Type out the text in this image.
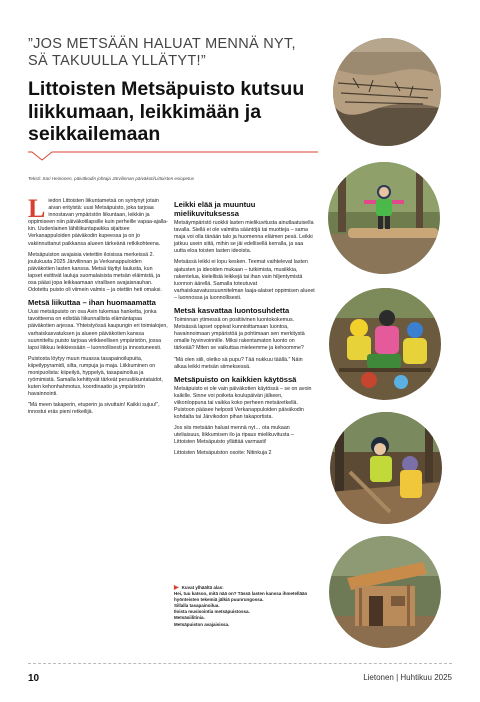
”JOS METSÄÄN HALUAT MENNÄ NYT, SÄ TAKUULLA YLLÄTYT!”
Littoisten Metsäpuisto kutsuu liikkumaan, leikkimään ja seikkailemaan
Teksti: Sari Heinonen, päiväkodin johtaja Järvilinnan päiväkoti/Littoisten esiopetus

Liedon Littoisten liikuntametsä on syntynyt jotain aivan erityistä: uusi Metsäpuisto, joka tarjoaa innostavan ympäristön liikuntaan, leikkiin ja oppimiseen niin päiväkotilapsille kuin perheille vapaa-ajallakin. Uudenlainen lähiliikuntapaikka sijaitsee Verkanappuloiden päiväkodin kupeessa ja on jo vakiinnuttanut paikkansa alueen tärkeänä retkikohteena.

Metsäpuiston avajaisia vietettiin iloisissa merkeissä 2. joulukuuta 2025 Järvilinnan ja Verkanappuloiden päiväkotien lasten kanssa. Metsä täyttyi laulusta, kun lapset esittivät lauluja suomalaisista metsän eläimistä, ja osa pääsi jopa leikkaamaan virallisen avajaisnauhan. Odotettu puisto oli viimein valmis – ja otettiin heti omaksi.

Metsä liikuttaa – ihan huomaamatta

Uusi metsäpuisto on osa Avin tukemaa hanketta, jonka tavoitteena on edistää liikunnallista elämäntapaa päiväkotien arjessa. Yhteistyössä kaupungin eri toimialojen, varhaiskasvatuksen ja alueen päiväkotien kanssa suunniteltu puisto tarjoaa virikkeellisen ympäristön, jossa lapsi liikkuu leikkiessään – luonnollisesti ja innostuneesti.

Puistosta löytyy muun muassa tasapainoilupuita, kiipeilypyramidi, silta, rumpuja ja maja. Liikkuminen on monipuolista: kiipeilyä, hyppelyä, tasapainoilua ja ryömimistä. Samalla kehittyvät tärkeät perusliikuntataidot, kuten kehonhahmotus, koordinaatio ja ympäristön havainnointi.

”Mä meen takaperin, etuperin ja sivuttain! Kaikki sujuu!”, innostui eräs pieni retkeilijä.

Leikki elää ja muuntuu mielikuvituksessa

Metsäympäristö ruokkii lasten mielikuvitusta ainutlaatuisella tavalla. Siellä ei ole valmiita sääntöjä tai muotteja – sama maja voi olla tänään talo ja huomenna eläimen pesä. Leikki jatkuu usein siitä, mihin se jäi edellisellä kerralla, ja saa uutta eloa toisten lasten ideoista.

Metsässä leikki ei lopu kesken. Teemat vaihtelevat lasten ajatusten ja ideoiden mukaan – tutkimista, musiikkia, rakentelua, kielellisiä leikkejä tai ihan vain hiljentymistä luonnon äärellä. Samalla toteutuvat varhaiskasvatussuunnitelman laaja-alaiset oppimisen alueet – luonnossa ja luonnollisesti.

Metsä kasvattaa luontosuhdetta

Toiminnan ytimessä on positiivinen luontokokemus. Metsässä lapset oppivat kunnioittamaan luontoa, havainnoimaan ympäristöä ja pohtimaan sen merkitystä omalle hyvinvoinnille. Miksi rakentamaton luonto on tärkeää? Miten se vaikuttaa mieleemme ja kehoomme?

”Mä olen siili, oletko sä pupu? Tää nukkuu täällä.” Näin alkaa leikki metsän siimeksessä.

Metsäpuisto on kaikkien käytössä

Metsäpuisto ei ole vain päiväkotien käytössä – se on avoin kaikille. Sinne voi poiketa koulupäivän jälkeen, viikonloppuna tai vaikka koko perheen metsäretkellä. Puistoon pääsee helposti Verkanappuloiden päiväkodin kohdalta tai Järvikodon pihan takaportista.

Jos siis metsään haluat mennä nyt… ota mukaan uteliaisuus, liikkumisen ilo ja ripaus mielikuvitusta – Littoisten Metsäpuisto yllättää varmasti!

Littoisten Metsäpuiston osoite: Nitinkuja 2

▶ Kuvat ylhäältä alas:
Hei, tuu katsoo, mitä nää on? Tässä lasten kanssa ihmetellään hyönteisten tekemiä jälkiä puunrungossa.
Sillalla tasapainoilua.
Iloista musisointia metsäpuistossa.
Metsäsiilitinia.
Metsäpuiston avajaisissa.
10	Lietonen | Huhtikuu 2025
